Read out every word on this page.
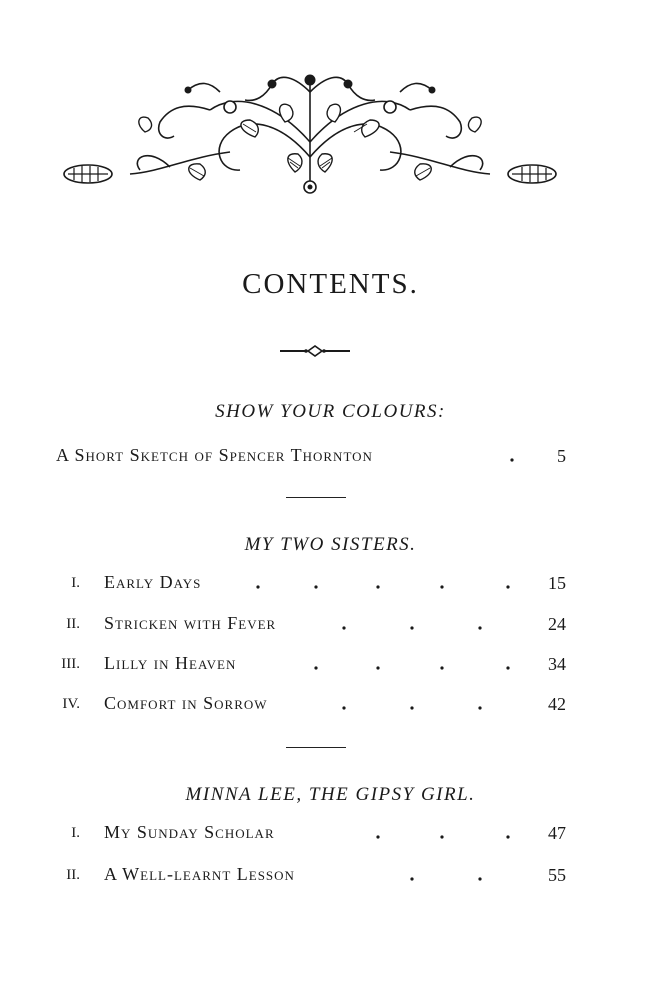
CONTENTS.
SHOW YOUR COLOURS:
A Short Sketch of Spencer Thornton	5
MY TWO SISTERS.
I. Early Days	15
II. Stricken with Fever	24
III. Lilly in Heaven	34
IV. Comfort in Sorrow	42
MINNA LEE, THE GIPSY GIRL.
I. My Sunday Scholar	47
II. A Well-learnt Lesson	55
